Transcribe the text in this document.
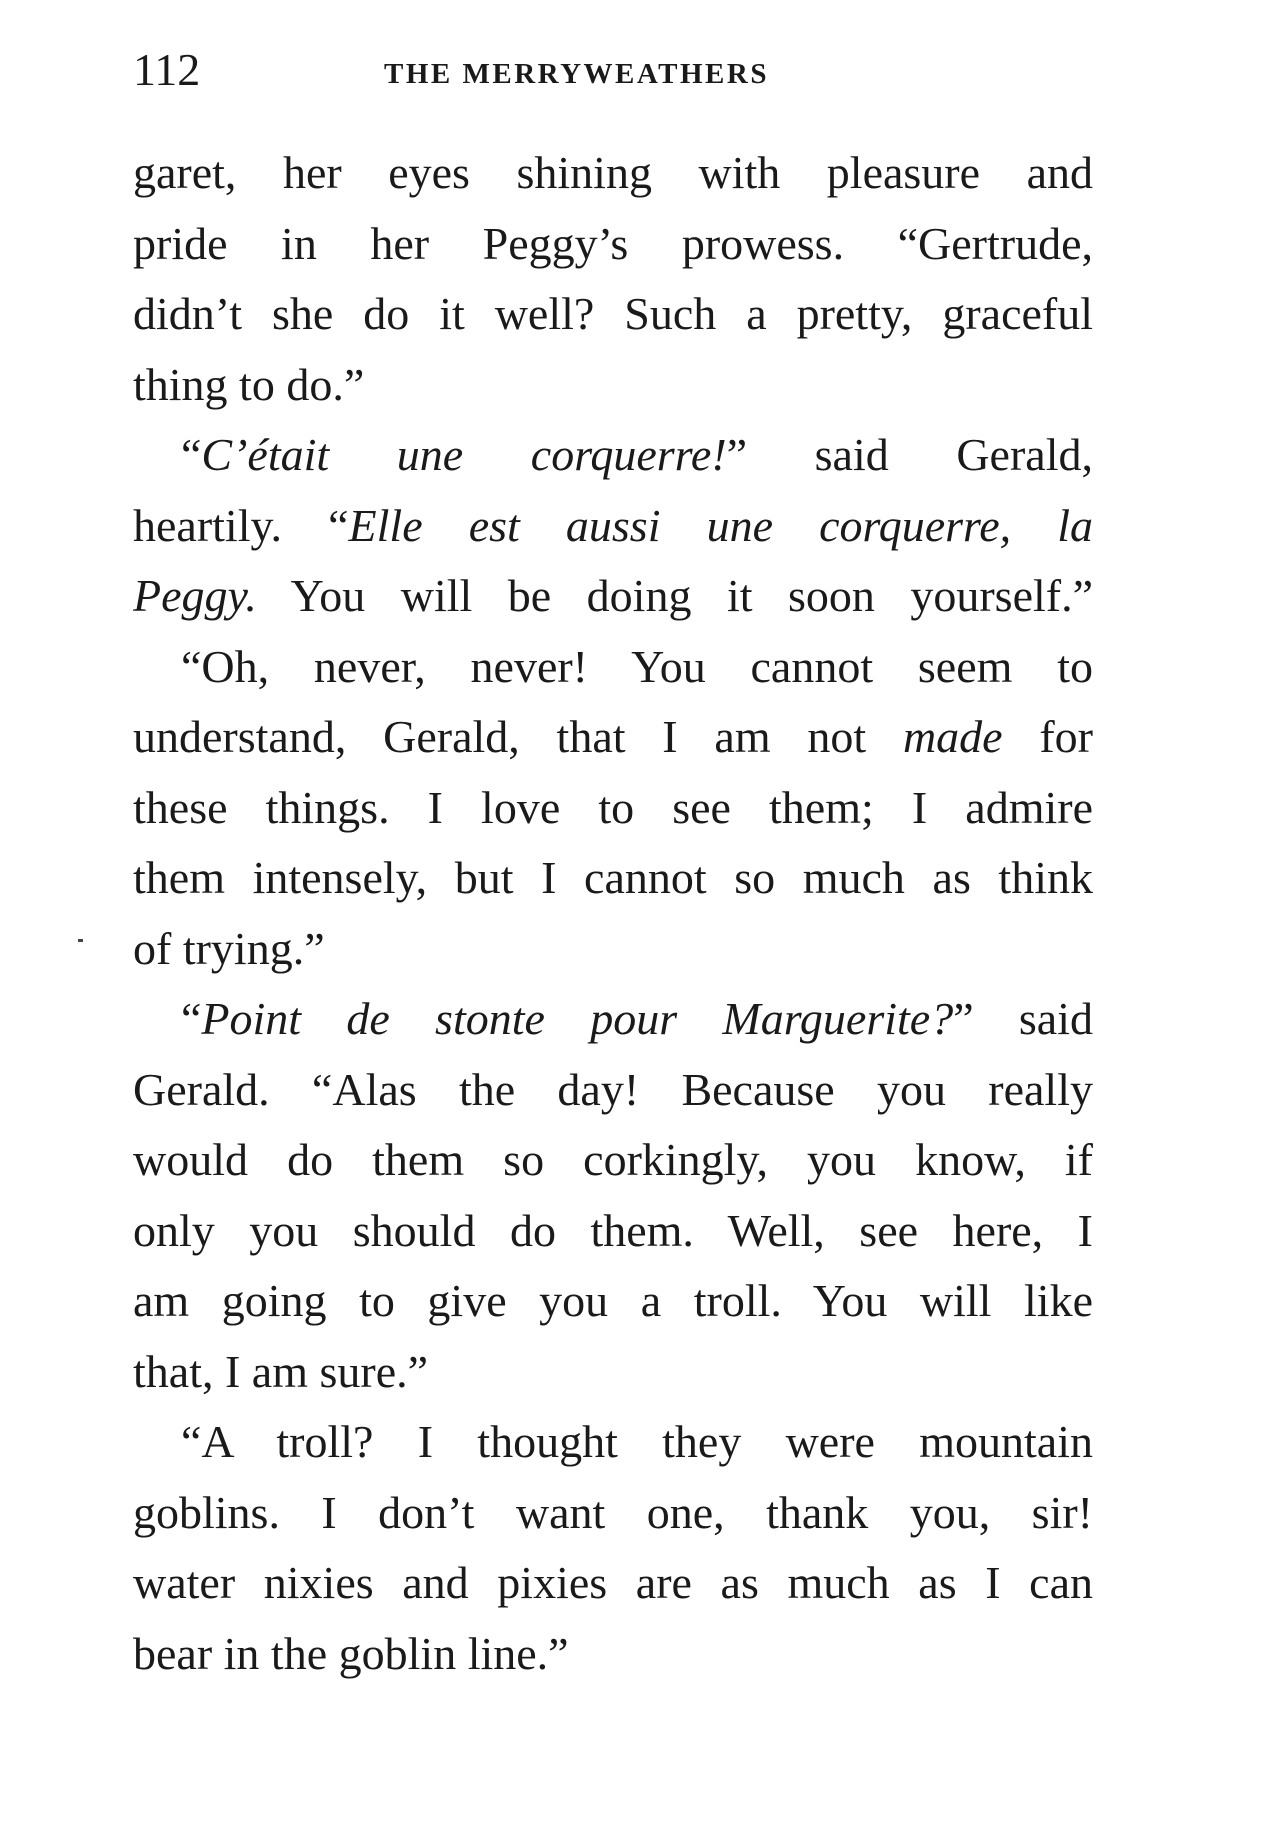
112	THE MERRYWEATHERS
garet, her eyes shining with pleasure and
pride in her Peggy’s prowess. “Gertrude,
didn’t she do it well? Such a pretty, graceful
thing to do.”
“C’était une corquerre!” said Gerald,
heartily. “Elle est aussi une corquerre, la
Peggy. You will be doing it soon yourself.”
“Oh, never, never! You cannot seem to
understand, Gerald, that I am not made for
these things. I love to see them; I admire
them intensely, but I cannot so much as think
of trying.”
“Point de stonte pour Marguerite?” said
Gerald. “Alas the day! Because you really
would do them so corkingly, you know, if
only you should do them. Well, see here, I
am going to give you a troll. You will like
that, I am sure.”
“A troll? I thought they were mountain
goblins. I don’t want one, thank you, sir!
water nixies and pixies are as much as I can
bear in the goblin line.”
